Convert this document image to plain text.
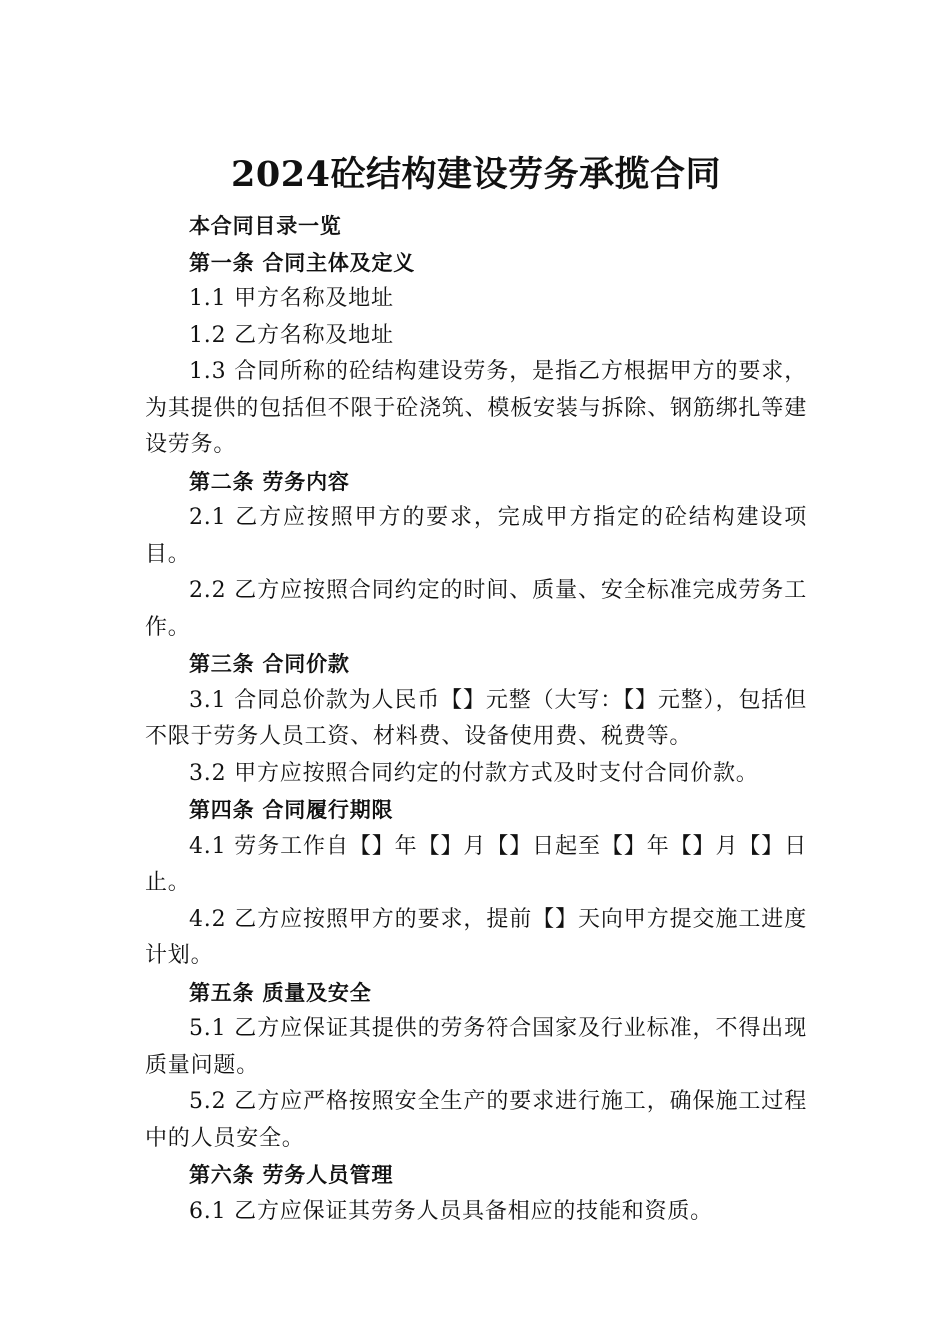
2024砼结构建设劳务承揽合同

本合同目录一览

第一条 合同主体及定义

1.1 甲方名称及地址

1.2 乙方名称及地址

1.3 合同所称的砼结构建设劳务，是指乙方根据甲方的要求，为其提供的包括但不限于砼浇筑、模板安装与拆除、钢筋绑扎等建设劳务。

第二条 劳务内容

2.1 乙方应按照甲方的要求，完成甲方指定的砼结构建设项目。

2.2 乙方应按照合同约定的时间、质量、安全标准完成劳务工作。

第三条 合同价款

3.1 合同总价款为人民币【】元整（大写：【】元整），包括但不限于劳务人员工资、材料费、设备使用费、税费等。

3.2 甲方应按照合同约定的付款方式及时支付合同价款。

第四条 合同履行期限

4.1 劳务工作自【】年【】月【】日起至【】年【】月【】日止。

4.2 乙方应按照甲方的要求，提前【】天向甲方提交施工进度计划。

第五条 质量及安全

5.1 乙方应保证其提供的劳务符合国家及行业标准，不得出现质量问题。

5.2 乙方应严格按照安全生产的要求进行施工，确保施工过程中的人员安全。

第六条 劳务人员管理

6.1 乙方应保证其劳务人员具备相应的技能和资质。
